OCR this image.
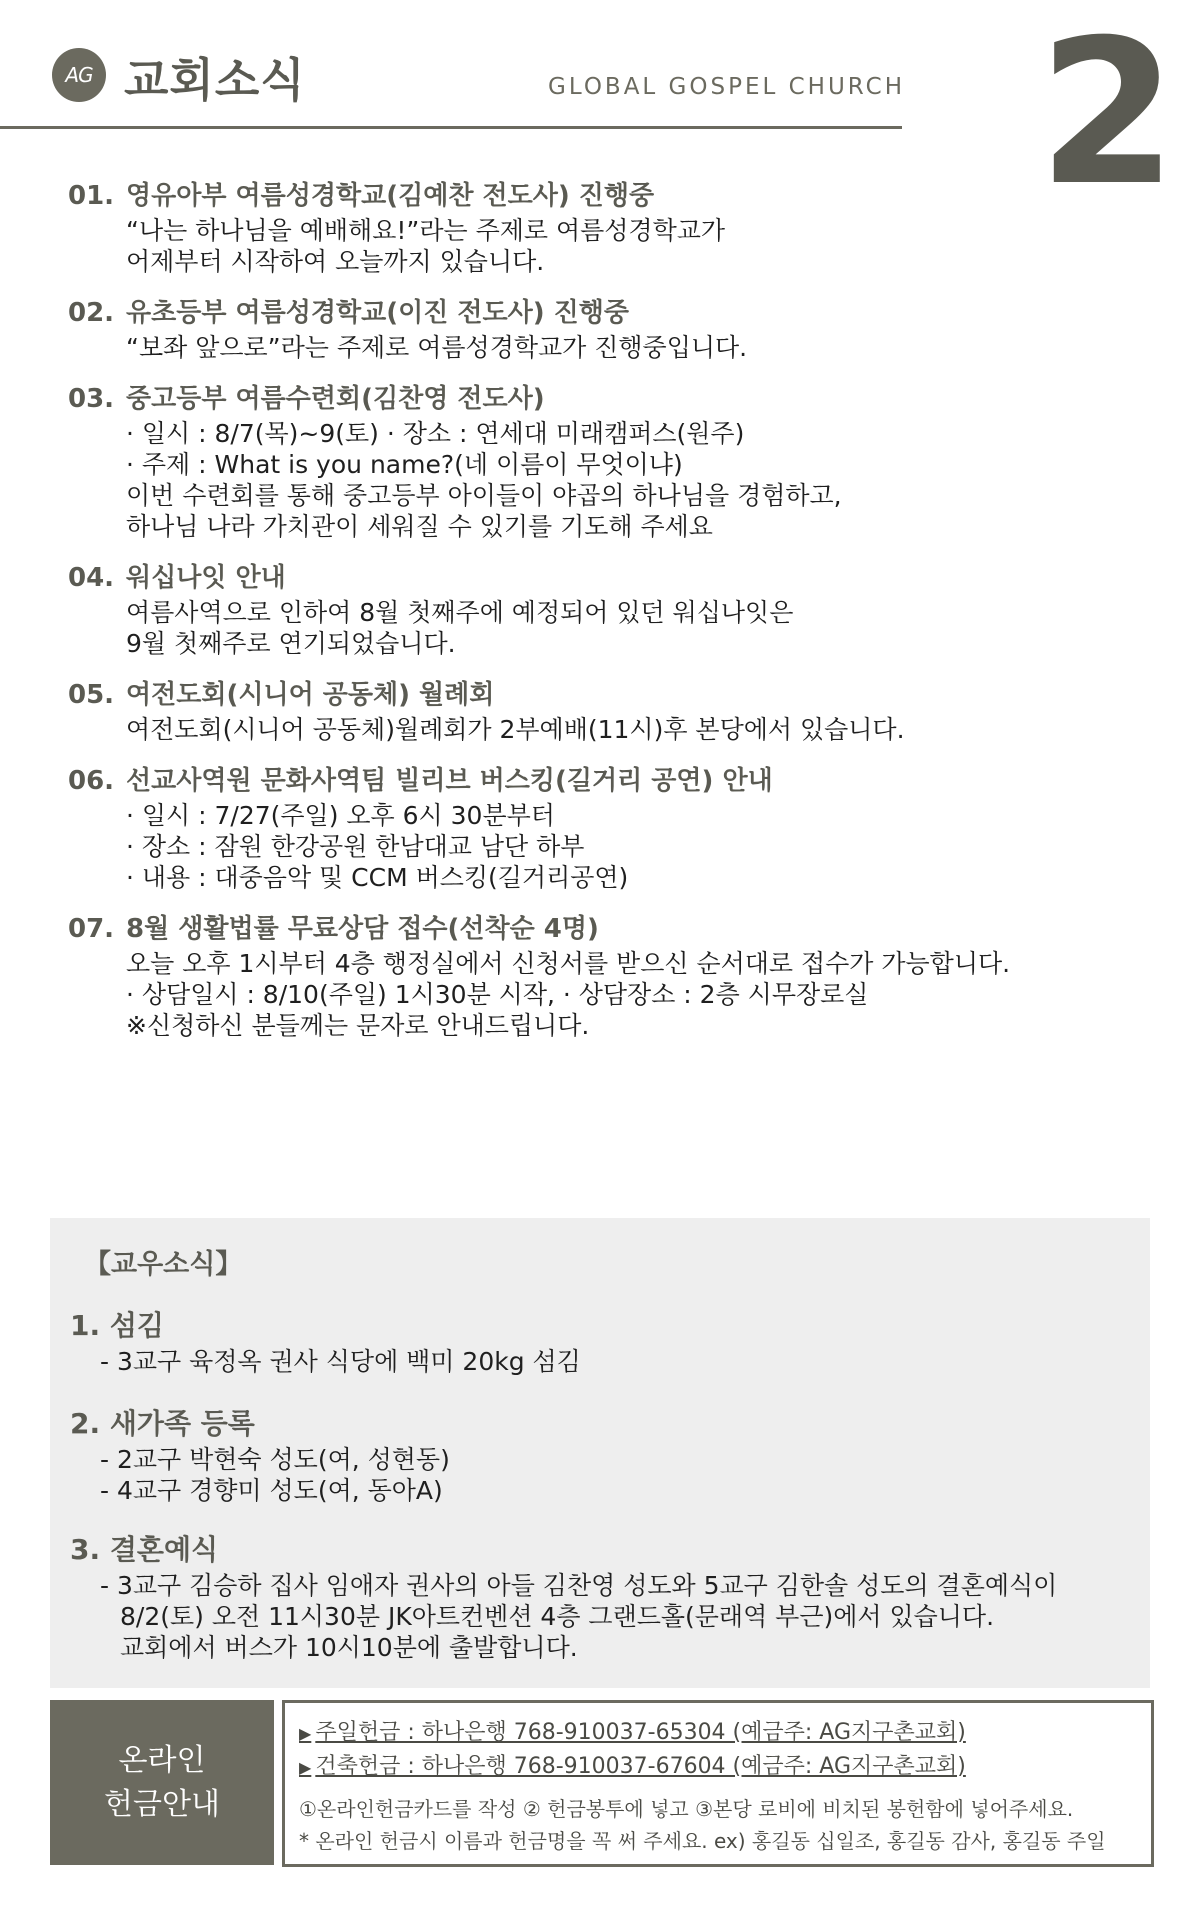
AG 교회소식	GLOBAL GOSPEL CHURCH 2
01. 영유아부 여름성경학교(김예찬 전도사) 진행중
“나는 하나님을 예배해요!”라는 주제로 여름성경학교가
어제부터 시작하여 오늘까지 있습니다.
02. 유초등부 여름성경학교(이진 전도사) 진행중
“보좌 앞으로”라는 주제로 여름성경학교가 진행중입니다.
03. 중고등부 여름수련회(김찬영 전도사)
· 일시 : 8/7(목)~9(토) · 장소 : 연세대 미래캠퍼스(원주)
· 주제 : What is you name?(네 이름이 무엇이냐)
이번 수련회를 통해 중고등부 아이들이 야곱의 하나님을 경험하고,
하나님 나라 가치관이 세워질 수 있기를 기도해 주세요
04. 워십나잇 안내
여름사역으로 인하여 8월 첫째주에 예정되어 있던 워십나잇은
9월 첫째주로 연기되었습니다.
05. 여전도회(시니어 공동체) 월례회
여전도회(시니어 공동체)월례회가 2부예배(11시)후 본당에서 있습니다.
06. 선교사역원 문화사역팀 빌리브 버스킹(길거리 공연) 안내
· 일시 : 7/27(주일) 오후 6시 30분부터
· 장소 : 잠원 한강공원 한남대교 남단 하부
· 내용 : 대중음악 및 CCM 버스킹(길거리공연)
07. 8월 생활법률 무료상담 접수(선착순 4명)
오늘 오후 1시부터 4층 행정실에서 신청서를 받으신 순서대로 접수가 가능합니다.
· 상담일시 : 8/10(주일) 1시30분 시작, · 상담장소 : 2층 시무장로실
※신청하신 분들께는 문자로 안내드립니다.
【교우소식】
1. 섬김
- 3교구 육정옥 권사 식당에 백미 20kg 섬김
2. 새가족 등록
- 2교구 박현숙 성도(여, 성현동)
- 4교구 경향미 성도(여, 동아A)
3. 결혼예식
- 3교구 김승하 집사 임애자 권사의 아들 김찬영 성도와 5교구 김한솔 성도의 결혼예식이
8/2(토) 오전 11시30분 JK아트컨벤션 4층 그랜드홀(문래역 부근)에서 있습니다.
교회에서 버스가 10시10분에 출발합니다.
온라인
헌금안내
▶ 주일헌금 : 하나은행 768-910037-65304 (예금주: AG지구촌교회)
▶ 건축헌금 : 하나은행 768-910037-67604 (예금주: AG지구촌교회)
①온라인헌금카드를 작성 ② 헌금봉투에 넣고 ③본당 로비에 비치된 봉헌함에 넣어주세요.
* 온라인 헌금시 이름과 헌금명을 꼭 써 주세요. ex) 홍길동 십일조, 홍길동 감사, 홍길동 주일
